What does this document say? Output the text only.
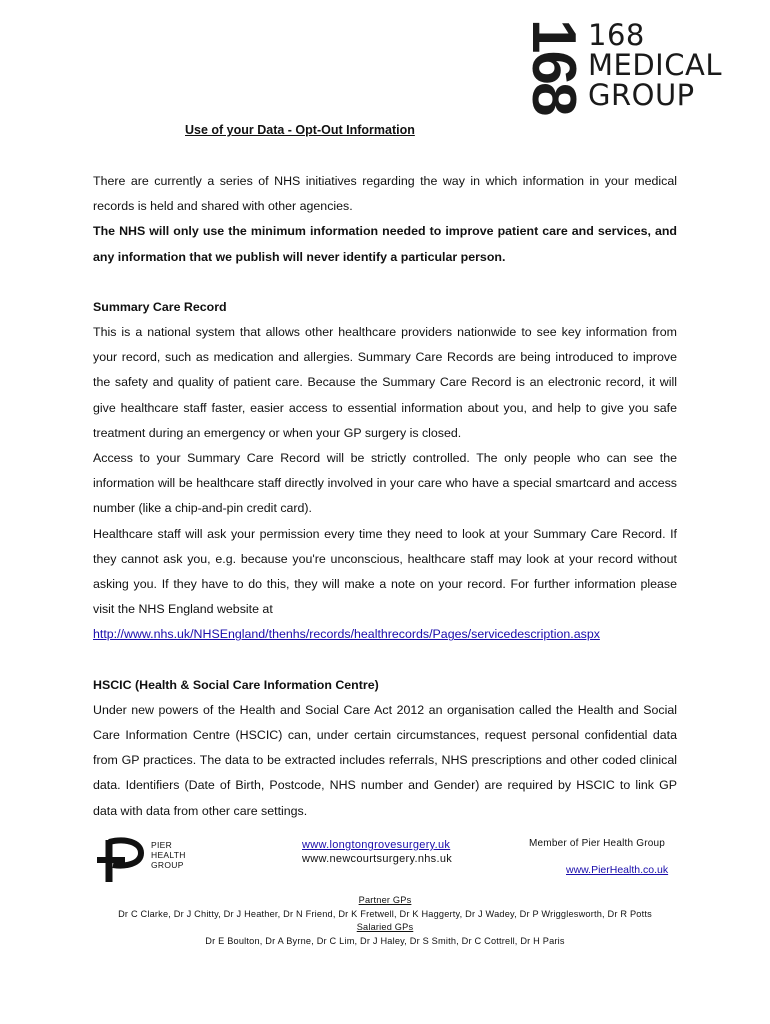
168 168
MEDICAL
GROUP
Use of your Data - Opt-Out Information

There are currently a series of NHS initiatives regarding the way in which information in your medical records is held and shared with other agencies.

The NHS will only use the minimum information needed to improve patient care and services, and any information that we publish will never identify a particular person.

Summary Care Record

This is a national system that allows other healthcare providers nationwide to see key information from your record, such as medication and allergies. Summary Care Records are being introduced to improve the safety and quality of patient care. Because the Summary Care Record is an electronic record, it will give healthcare staff faster, easier access to essential information about you, and help to give you safe treatment during an emergency or when your GP surgery is closed.

Access to your Summary Care Record will be strictly controlled. The only people who can see the information will be healthcare staff directly involved in your care who have a special smartcard and access number (like a chip-and-pin credit card).

Healthcare staff will ask your permission every time they need to look at your Summary Care Record. If they cannot ask you, e.g. because you're unconscious, healthcare staff may look at your record without asking you. If they have to do this, they will make a note on your record. For further information please visit the NHS England website at

http://www.nhs.uk/NHSEngland/thenhs/records/healthrecords/Pages/servicedescription.aspx

HSCIC (Health & Social Care Information Centre)

Under new powers of the Health and Social Care Act 2012 an organisation called the Health and Social Care Information Centre (HSCIC) can, under certain circumstances, request personal confidential data from GP practices. The data to be extracted includes referrals, NHS prescriptions and other coded clinical data. Identifiers (Date of Birth, Postcode, NHS number and Gender) are required by HSCIC to link GP data with data from other care settings.

PIER
HEALTH
GROUP
www.longtongrovesurgery.uk
www.newcourtsurgery.nhs.uk
Member of Pier Health Group
www.PierHealth.co.uk
Partner GPs
Dr C Clarke, Dr J Chitty, Dr J Heather, Dr N Friend, Dr K Fretwell, Dr K Haggerty, Dr J Wadey, Dr P Wrigglesworth, Dr R Potts
Salaried GPs
Dr E Boulton, Dr A Byrne, Dr C Lim, Dr J Haley, Dr S Smith, Dr C Cottrell, Dr H Paris
